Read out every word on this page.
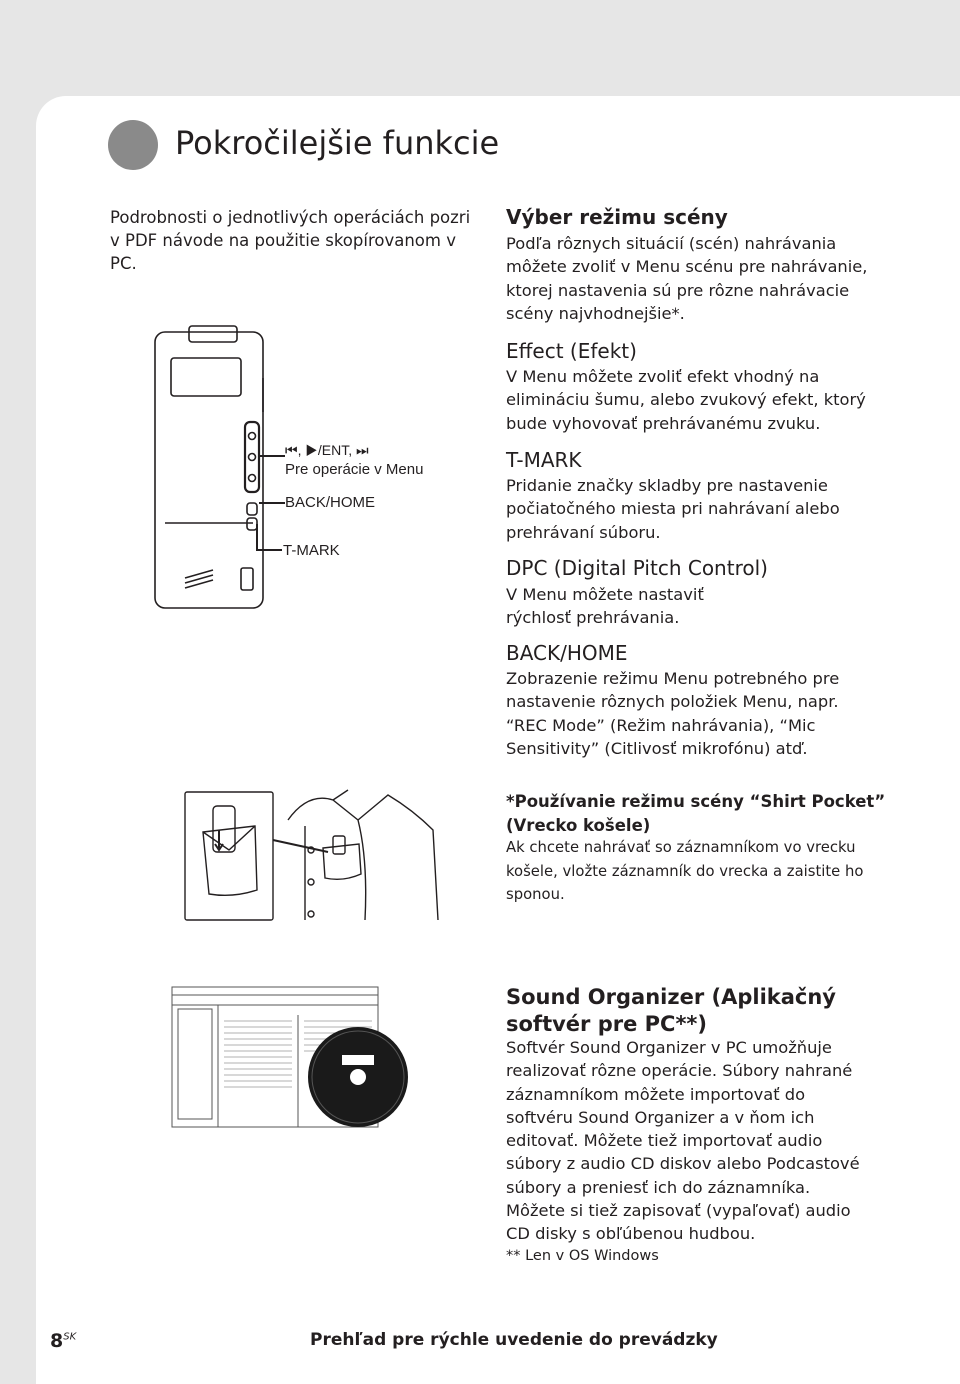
Pokročilejšie funkcie
Podrobnosti o jednotlivých operáciách pozri v PDF návode na použitie skopírovanom v PC.
⏮, ▶/ENT, ⏭
Pre operácie v Menu
BACK/HOME
T-MARK
Výber režimu scény
Podľa rôznych situácií (scén) nahrávania môžete zvoliť v Menu scénu pre nahrávanie, ktorej nastavenia sú pre rôzne nahrávacie scény najvhodnejšie*.
Effect (Efekt)
V Menu môžete zvoliť efekt vhodný na elimináciu šumu, alebo zvukový efekt, ktorý bude vyhovovať prehrávanému zvuku.
T-MARK
Pridanie značky skladby pre nastavenie počiatočného miesta pri nahrávaní alebo prehrávaní súboru.
DPC (Digital Pitch Control)
V Menu môžete nastaviť rýchlosť prehrávania.
BACK/HOME
Zobrazenie režimu Menu potrebného pre nastavenie rôznych položiek Menu, napr. “REC Mode” (Režim nahrávania), “Mic Sensitivity” (Citlivosť mikrofónu) atď.
*Používanie režimu scény “Shirt Pocket” (Vrecko košele)
Ak chcete nahrávať so záznamníkom vo vrecku košele, vložte záznamník do vrecka a zaistite ho sponou.
Sound Organizer (Aplikačný softvér pre PC**)
Softvér Sound Organizer v PC umožňuje realizovať rôzne operácie. Súbory nahrané záznamníkom môžete importovať do softvéru Sound Organizer a v ňom ich editovať. Môžete tiež importovať audio súbory z audio CD diskov alebo Podcastové súbory a preniesť ich do záznamníka. Môžete si tiež zapisovať (vypaľovať) audio CD disky s obľúbenou hudbou.
** Len v OS Windows
$8^{SK}$	Prehľad pre rýchle uvedenie do prevádzky
